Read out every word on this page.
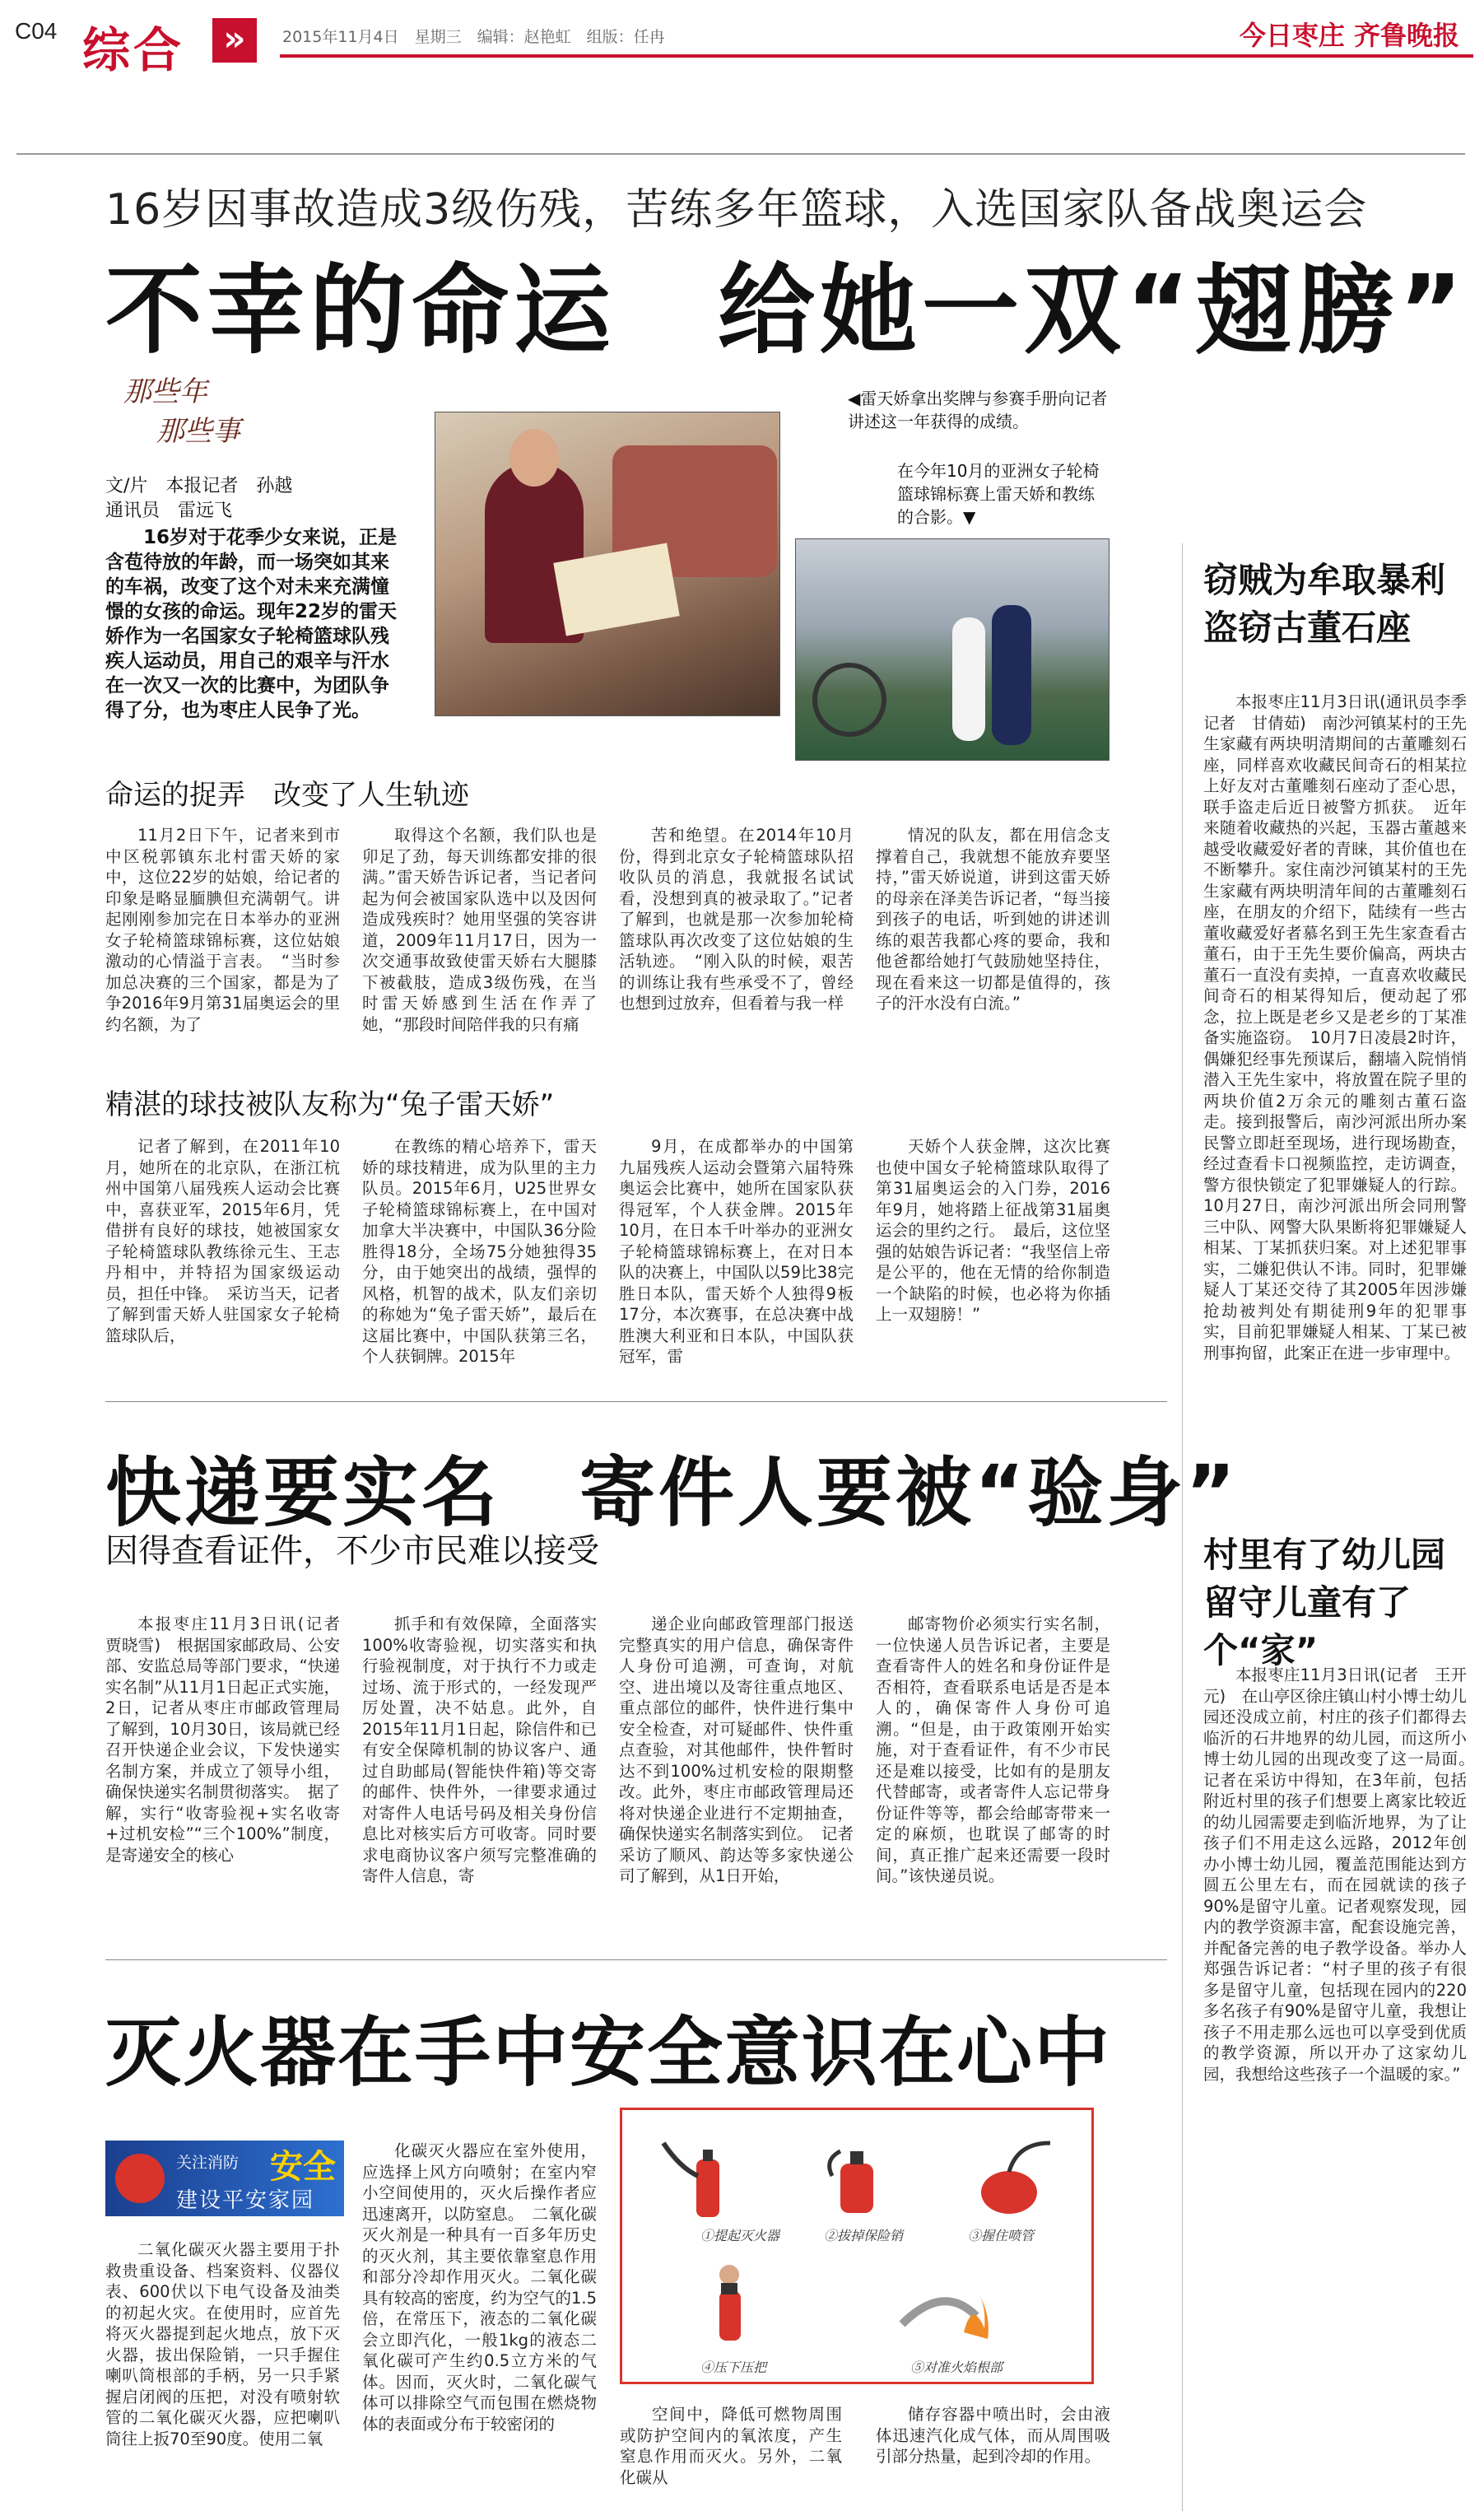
C04 综合	»	2015年11月4日　星期三　编辑：赵艳虹　组版：任冉	今日枣庄 齐鲁晚报
16岁因事故造成3级伤残，苦练多年篮球，入选国家队备战奥运会
不幸的命运　给她一双“翅膀”
那些年
那些事
文/片　本报记者　孙越
通讯员　雷远飞
16岁对于花季少女来说，正是含苞待放的年龄，而一场突如其来的车祸，改变了这个对未来充满憧憬的女孩的命运。现年22岁的雷天娇作为一名国家女子轮椅篮球队残疾人运动员，用自己的艰辛与汗水在一次又一次的比赛中，为团队争得了分，也为枣庄人民争了光。
◀雷天娇拿出奖牌与参赛手册向记者讲述这一年获得的成绩。
在今年10月的亚洲女子轮椅篮球锦标赛上雷天娇和教练的合影。▼
命运的捉弄　改变了人生轨迹
11月2日下午，记者来到市中区税郭镇东北村雷天娇的家中，这位22岁的姑娘，给记者的印象是略显腼腆但充满朝气。讲起刚刚参加完在日本举办的亚洲女子轮椅篮球锦标赛，这位姑娘激动的心情溢于言表。　“当时参加总决赛的三个国家，都是为了争2016年9月第31届奥运会的里约名额，为了
取得这个名额，我们队也是卯足了劲，每天训练都安排的很满。”雷天娇告诉记者，当记者问起为何会被国家队选中以及因何造成残疾时？她用坚强的笑容讲道，2009年11月17日，因为一次交通事故致使雷天娇右大腿膝下被截肢，造成3级伤残，在当时雷天娇感到生活在作弄了她，“那段时间陪伴我的只有痛
苦和绝望。在2014年10月份，得到北京女子轮椅篮球队招收队员的消息，我就报名试试看，没想到真的被录取了。”记者了解到，也就是那一次参加轮椅篮球队再次改变了这位姑娘的生活轨迹。　“刚入队的时候，艰苦的训练让我有些承受不了，曾经也想到过放弃，但看着与我一样
情况的队友，都在用信念支撑着自己，我就想不能放弃要坚持，”雷天娇说道，讲到这雷天娇的母亲在泽美告诉记者，“每当接到孩子的电话，听到她的讲述训练的艰苦我都心疼的要命，我和他爸都给她打气鼓励她坚持住，现在看来这一切都是值得的，孩子的汗水没有白流。”
精湛的球技被队友称为“兔子雷天娇”
记者了解到，在2011年10月，她所在的北京队，在浙江杭州中国第八届残疾人运动会比赛中，喜获亚军，2015年6月，凭借拼有良好的球技，她被国家女子轮椅篮球队教练徐元生、王志丹相中，并特招为国家级运动员，担任中锋。　采访当天，记者了解到雷天娇人驻国家女子轮椅篮球队后，
在教练的精心培养下，雷天娇的球技精进，成为队里的主力队员。2015年6月，U25世界女子轮椅篮球锦标赛上，在中国对加拿大半决赛中，中国队36分险胜得18分，全场75分她独得35分，由于她突出的战绩，强悍的风格，机智的战术，队友们亲切的称她为“兔子雷天娇”，最后在这届比赛中，中国队获第三名，个人获铜牌。2015年
9月，在成都举办的中国第九届残疾人运动会暨第六届特殊奥运会比赛中，她所在国家队获得冠军，个人获金牌。2015年10月，在日本千叶举办的亚洲女子轮椅篮球锦标赛上，在对日本队的决赛上，中国队以59比38完胜日本队，雷天娇个人独得9板17分，本次赛事，在总决赛中战胜澳大利亚和日本队，中国队获冠军，雷
天娇个人获金牌，这次比赛也使中国女子轮椅篮球队取得了第31届奥运会的入门券，2016年9月，她将踏上征战第31届奥运会的里约之行。　最后，这位坚强的姑娘告诉记者：“我坚信上帝是公平的，他在无情的给你制造一个缺陷的时候，也必将为你插上一双翅膀！”
窃贼为牟取暴利
盗窃古董石座
本报枣庄11月3日讯(通讯员李季　记者　甘倩茹)　南沙河镇某村的王先生家藏有两块明清期间的古董雕刻石座，同样喜欢收藏民间奇石的相某拉上好友对古董雕刻石座动了歪心思，联手盗走后近日被警方抓获。　近年来随着收藏热的兴起，玉器古董越来越受收藏爱好者的青睐，其价值也在不断攀升。家住南沙河镇某村的王先生家藏有两块明清年间的古董雕刻石座，在朋友的介绍下，陆续有一些古董收藏爱好者慕名到王先生家查看古董石，由于王先生要价偏高，两块古董石一直没有卖掉，一直喜欢收藏民间奇石的相某得知后，便动起了邪念，拉上既是老乡又是老乡的丁某准备实施盗窃。　10月7日凌晨2时许，偶嫌犯经事先预谋后，翻墙入院悄悄潜入王先生家中，将放置在院子里的两块价值2万余元的雕刻古董石盗走。接到报警后，南沙河派出所办案民警立即赶至现场，进行现场勘查，经过查看卡口视频监控，走访调查，警方很快锁定了犯罪嫌疑人的行踪。10月27日，南沙河派出所会同刑警三中队、网警大队果断将犯罪嫌疑人相某、丁某抓获归案。对上述犯罪事实，二嫌犯供认不讳。同时，犯罪嫌疑人丁某还交待了其2005年因涉嫌抢劫被判处有期徒刑9年的犯罪事实，目前犯罪嫌疑人相某、丁某已被刑事拘留，此案正在进一步审理中。
村里有了幼儿园
留守儿童有了个“家”
本报枣庄11月3日讯(记者　王开元)　在山亭区徐庄镇山村小博士幼儿园还没成立前，村庄的孩子们都得去临沂的石井地界的幼儿园，而这所小博士幼儿园的出现改变了这一局面。　记者在采访中得知，在3年前，包括附近村里的孩子们想要上离家比较近的幼儿园需要走到临沂地界，为了让孩子们不用走这么远路，2012年创办小博士幼儿园，覆盖范围能达到方圆五公里左右，而在园就读的孩子90%是留守儿童。记者观察发现，园内的教学资源丰富，配套设施完善，并配备完善的电子教学设备。举办人郑强告诉记者：“村子里的孩子有很多是留守儿童，包括现在园内的220多名孩子有90%是留守儿童，我想让孩子不用走那么远也可以享受到优质的教学资源，所以开办了这家幼儿园，我想给这些孩子一个温暖的家。”
快递要实名　寄件人要被“验身”
因得查看证件，不少市民难以接受
本报枣庄11月3日讯(记者　贾晓雪)　根据国家邮政局、公安部、安监总局等部门要求，“快递实名制”从11月1日起正式实施，2日，记者从枣庄市邮政管理局了解到，10月30日，该局就已经召开快递企业会议，下发快递实名制方案，并成立了领导小组，确保快递实名制贯彻落实。　据了解，实行“收寄验视+实名收寄+过机安检”“三个100%”制度，是寄递安全的核心
抓手和有效保障，全面落实100%收寄验视，切实落实和执行验视制度，对于执行不力或走过场、流于形式的，一经发现严厉处置，决不姑息。此外，自2015年11月1日起，除信件和已有安全保障机制的协议客户、通过自助邮局(智能快件箱)等交寄的邮件、快件外，一律要求通过对寄件人电话号码及相关身份信息比对核实后方可收寄。同时要求电商协议客户须写完整准确的寄件人信息，寄
递企业向邮政管理部门报送完整真实的用户信息，确保寄件人身份可追溯，可查询，对航空、进出境以及寄往重点地区、重点部位的邮件，快件进行集中安全检查，对可疑邮件、快件重点查验，对其他邮件，快件暂时达不到100%过机安检的限期整改。此外，枣庄市邮政管理局还将对快递企业进行不定期抽查，确保快递实名制落实到位。　记者采访了顺风、韵达等多家快递公司了解到，从1日开始，
邮寄物价必须实行实名制，一位快递人员告诉记者，主要是查看寄件人的姓名和身份证件是否相符，查看联系电话是否是本人的，确保寄件人身份可追溯。“但是，由于政策刚开始实施，对于查看证件，有不少市民还是难以接受，比如有的是朋友代替邮寄，或者寄件人忘记带身份证件等等，都会给邮寄带来一定的麻烦，也耽误了邮寄的时间，真正推广起来还需要一段时间。”该快递员说。
灭火器在手中安全意识在心中
关注消防 安全
建设平安家园
二氧化碳灭火器主要用于扑救贵重设备、档案资料、仪器仪表、600伏以下电气设备及油类的初起火灾。在使用时，应首先将灭火器提到起火地点，放下灭火器，拔出保险销，一只手握住喇叭筒根部的手柄，另一只手紧握启闭阀的压把，对没有喷射软管的二氧化碳灭火器，应把喇叭筒往上扳70至90度。使用二氧
化碳灭火器应在室外使用，应选择上风方向喷射；在室内窄小空间使用的，灭火后操作者应迅速离开，以防窒息。　二氧化碳灭火剂是一种具有一百多年历史的灭火剂，其主要依靠窒息作用和部分冷却作用灭火。二氧化碳具有较高的密度，约为空气的1.5倍，在常压下，液态的二氧化碳会立即汽化，一般1kg的液态二氧化碳可产生约0.5立方米的气体。因而，灭火时，二氧化碳气体可以排除空气而包围在燃烧物体的表面或分布于较密闭的	空间中，降低可燃物周围或防护空间内的氧浓度，产生窒息作用而灭火。另外，二氧化碳从
储存容器中喷出时，会由液体迅速汽化成气体，而从周围吸引部分热量，起到冷却的作用。
①提起灭火器	②拔掉保险销	③握住喷管
④压下压把	⑤对准火焰根部
